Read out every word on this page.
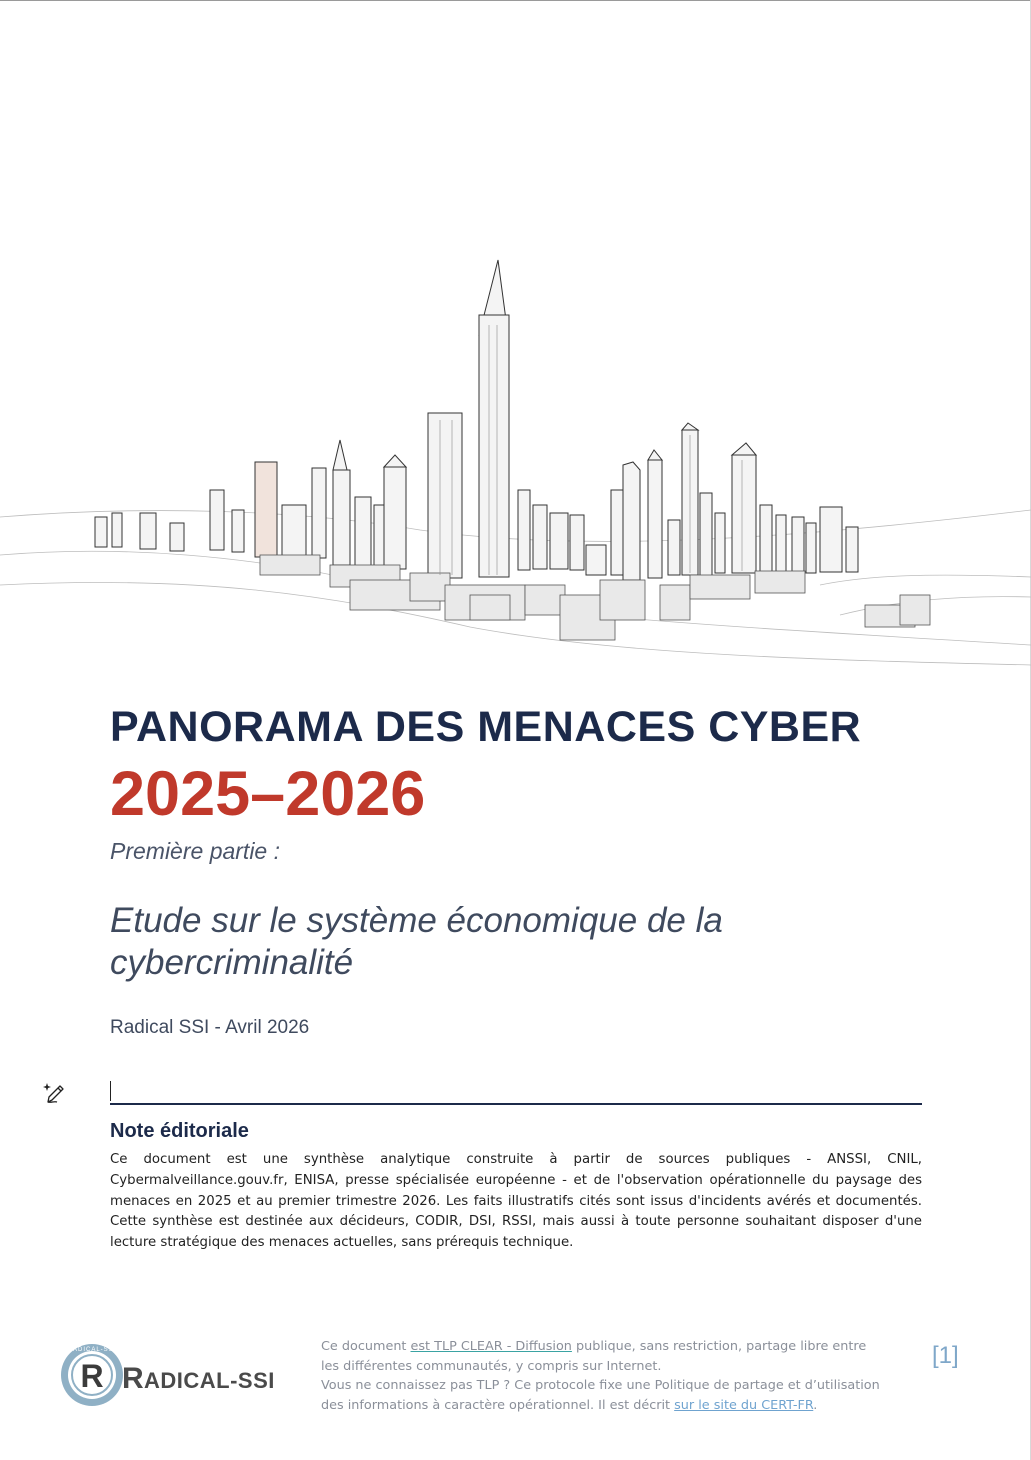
PANORAMA DES MENACES CYBER
2025–2026
Première partie :
Etude sur le système économique de la cybercriminalité
Radical SSI - Avril 2026
Note éditoriale

Ce document est une synthèse analytique construite à partir de sources publiques - ANSSI, CNIL, Cybermalveillance.gouv.fr, ENISA, presse spécialisée européenne - et de l'observation opérationnelle du paysage des menaces en 2025 et au premier trimestre 2026. Les faits illustratifs cités sont issus d'incidents avérés et documentés. Cette synthèse est destinée aux décideurs, CODIR, DSI, RSSI, mais aussi à toute personne souhaitant disposer d'une lecture stratégique des menaces actuelles, sans prérequis technique.

R
RADICAL-SSI
R ADICAL-SSI
Ce document est TLP CLEAR - Diffusion publique, sans restriction, partage libre entre les différentes communautés, y compris sur Internet.
Vous ne connaissez pas TLP ? Ce protocole fixe une Politique de partage et d’utilisation des informations à caractère opérationnel. Il est décrit sur le site du CERT-FR.
[1]
